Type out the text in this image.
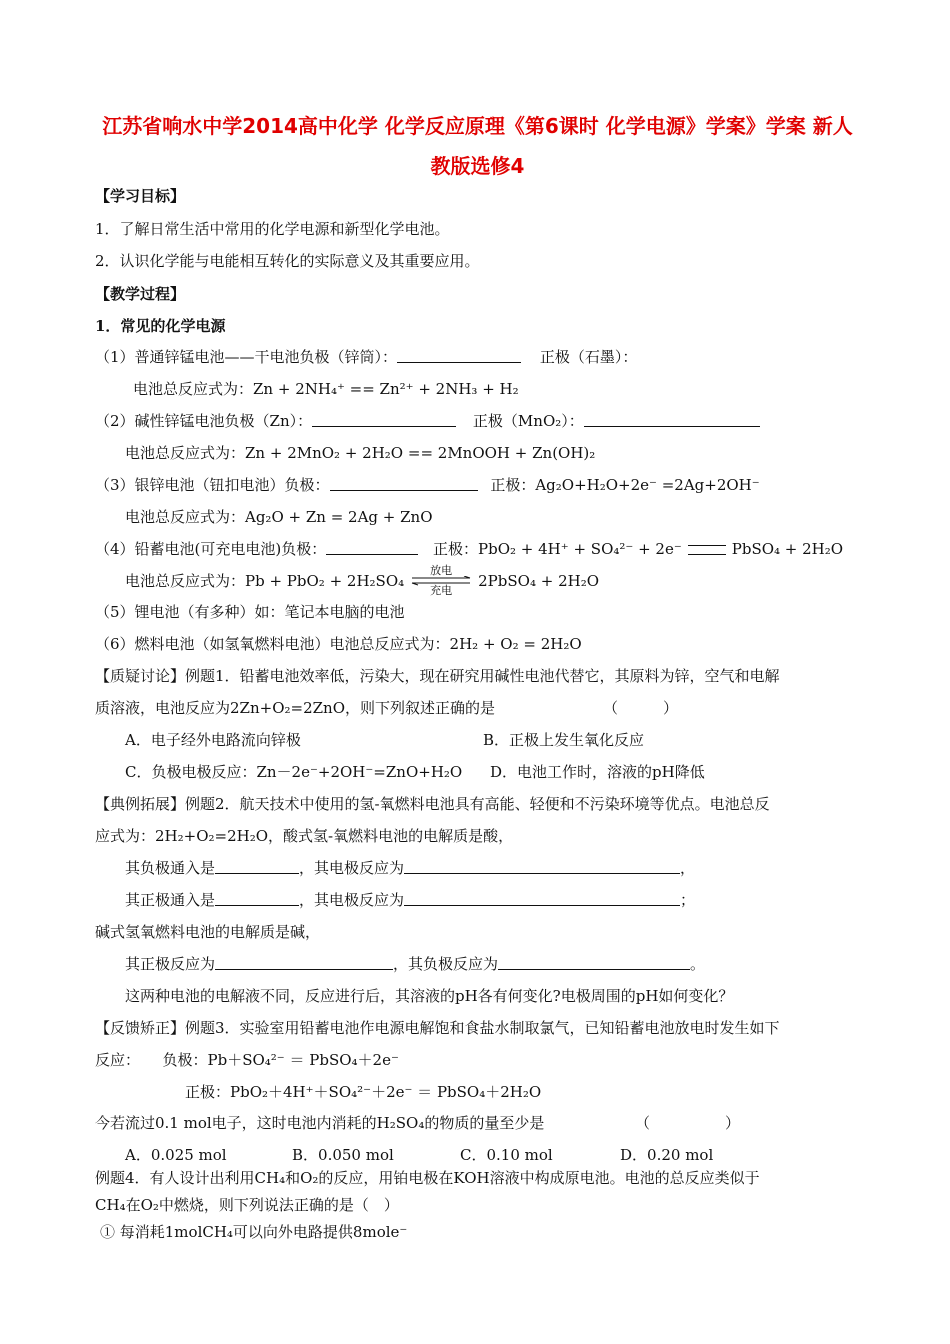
江苏省响水中学2014高中化学 化学反应原理《第6课时 化学电源》学案》学案 新人教版选修4
【学习目标】
1．了解日常生活中常用的化学电源和新型化学电池。
2．认识化学能与电能相互转化的实际意义及其重要应用。
【教学过程】
1．常见的化学电源
（1）普通锌锰电池——干电池负极（锌筒）：	正极（石墨）：
电池总反应式为：Zn + 2NH₄⁺ == Zn²⁺ + 2NH₃ + H₂
（2）碱性锌锰电池负极（Zn）：	正极（MnO₂）：
电池总反应式为：Zn + 2MnO₂ + 2H₂O == 2MnOOH + Zn(OH)₂
（3）银锌电池（钮扣电池）负极：	正极：Ag₂O+H₂O+2e⁻ =2Ag+2OH⁻
电池总反应式为：Ag₂O + Zn = 2Ag + ZnO
（4）铅蓄电池(可充电电池)负极：	正极：PbO₂ + 4H⁺ + SO₄²⁻ + 2e⁻	PbSO₄ + 2H₂O
电池总反应式为：Pb + PbO₂ + 2H₂SO₄
放电
充电
2PbSO₄ + 2H₂O
（5）锂电池（有多种）如：笔记本电脑的电池
（6）燃料电池（如氢氧燃料电池）电池总反应式为：2H₂ + O₂ = 2H₂O
【质疑讨论】例题1．铅蓄电池效率低，污染大，现在研究用碱性电池代替它，其原料为锌，空气和电解
质溶液，电池反应为2Zn+O₂=2ZnO，则下列叙述正确的是	（　　　）
A．电子经外电路流向锌极	B．正极上发生氧化反应
C．负极电极反应：Zn－2e⁻+2OH⁻=ZnO+H₂O D．电池工作时，溶液的pH降低
【典例拓展】例题2．航天技术中使用的氢-氧燃料电池具有高能、轻便和不污染环境等优点。电池总反
应式为：2H₂+O₂=2H₂O，酸式氢-氧燃料电池的电解质是酸，
其负极通入是	，其电极反应为	，
其正极通入是	，其电极反应为	；
碱式氢氧燃料电池的电解质是碱，
其正极反应为	，其负极反应为	。
这两种电池的电解液不同，反应进行后，其溶液的pH各有何变化?电极周围的pH如何变化？
【反馈矫正】例题3．实验室用铅蓄电池作电源电解饱和食盐水制取氯气，已知铅蓄电池放电时发生如下
反应：　　负极：Pb＋SO₄²⁻ ＝ PbSO₄＋2e⁻
正极：PbO₂＋4H⁺＋SO₄²⁻＋2e⁻ ＝ PbSO₄＋2H₂O
今若流过0.1 mol电子，这时电池内消耗的H₂SO₄的物质的量至少是	（　　　　　）
A．0.025 mol	B．0.050 mol	C．0.10 mol	D．0.20 mol
例题4．有人设计出利用CH₄和O₂的反应，用铂电极在KOH溶液中构成原电池。电池的总反应类似于
CH₄在O₂中燃烧，则下列说法正确的是（　）
① 每消耗1molCH₄可以向外电路提供8mole⁻
